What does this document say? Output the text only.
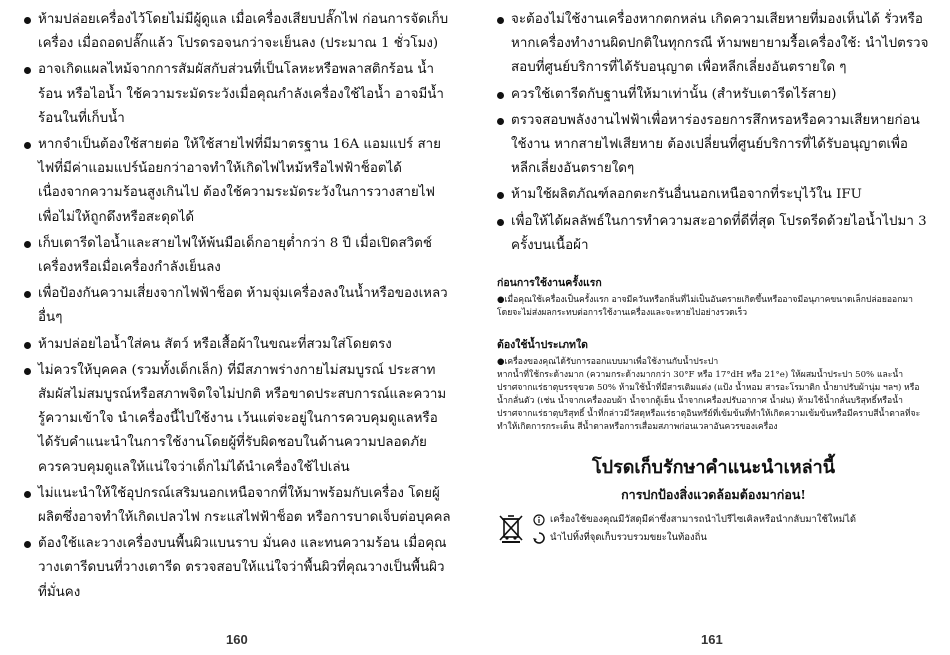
ห้ามปล่อยเครื่องไว้โดยไม่มีผู้ดูแล เมื่อเครื่องเสียบปลั๊กไฟ ก่อนการจัดเก็บเครื่อง เมื่อถอดปลั๊กแล้ว โปรดรอจนกว่าจะเย็นลง (ประมาณ 1 ชั่วโมง)
อาจเกิดแผลไหม้จากการสัมผัสกับส่วนที่เป็นโลหะหรือพลาสติกร้อน น้ำร้อน หรือไอน้ำ ใช้ความระมัดระวังเมื่อคุณกำลังเครื่องใช้ไอน้ำ อาจมีน้ำร้อนในที่เก็บน้ำ
หากจำเป็นต้องใช้สายต่อ ให้ใช้สายไฟที่มีมาตรฐาน 16A แอมแปร์ สายไฟที่มีค่าแอมแปร์น้อยกว่าอาจทำให้เกิดไฟไหม้หรือไฟฟ้าช็อตได้ เนื่องจากความร้อนสูงเกินไป ต้องใช้ความระมัดระวังในการวางสายไฟเพื่อไม่ให้ถูกดึงหรือสะดุดได้
เก็บเตารีดไอน้ำและสายไฟให้พ้นมือเด็กอายุต่ำกว่า 8 ปี เมื่อเปิดสวิตช์เครื่องหรือเมื่อเครื่องกำลังเย็นลง
เพื่อป้องกันความเสี่ยงจากไฟฟ้าช็อต ห้ามจุ่มเครื่องลงในน้ำหรือของเหลวอื่นๆ
ห้ามปล่อยไอน้ำใส่คน สัตว์ หรือเสื้อผ้าในขณะที่สวมใส่โดยตรง
ไม่ควรให้บุคคล (รวมทั้งเด็กเล็ก) ที่มีสภาพร่างกายไม่สมบูรณ์ ประสาทสัมผัสไม่สมบูรณ์หรือสภาพจิตใจไม่ปกติ หรือขาดประสบการณ์และความรู้ความเข้าใจ นำเครื่องนี้ไปใช้งาน เว้นแต่จะอยู่ในการควบคุมดูแลหรือได้รับคำแนะนำในการใช้งานโดยผู้ที่รับผิดชอบในด้านความปลอดภัย ควรควบคุมดูแลให้แน่ใจว่าเด็กไม่ได้นำเครื่องใช้ไปเล่น
ไม่แนะนำให้ใช้อุปกรณ์เสริมนอกเหนือจากที่ให้มาพร้อมกับเครื่อง โดยผู้ผลิตซึ่งอาจทำให้เกิดเปลวไฟ กระแสไฟฟ้าช็อต หรือการบาดเจ็บต่อบุคคล
ต้องใช้และวางเครื่องบนพื้นผิวแบนราบ มั่นคง และทนความร้อน เมื่อคุณวางเตารีดบนที่วางเตารีด ตรวจสอบให้แน่ใจว่าพื้นผิวที่คุณวางเป็นพื้นผิวที่มั่นคง
160
จะต้องไม่ใช้งานเครื่องหากตกหล่น เกิดความเสียหายที่มองเห็นได้ รั่วหรือหากเครื่องทำงานผิดปกติในทุกกรณี ห้ามพยายามรื้อเครื่องใช้: นำไปตรวจสอบที่ศูนย์บริการที่ได้รับอนุญาต เพื่อหลีกเลี่ยงอันตรายใด ๆ
ควรใช้เตารีดกับฐานที่ให้มาเท่านั้น (สำหรับเตารีดไร้สาย)
ตรวจสอบพลังงานไฟฟ้าเพื่อหาร่องรอยการสึกหรอหรือความเสียหายก่อนใช้งาน หากสายไฟเสียหาย ต้องเปลี่ยนที่ศูนย์บริการที่ได้รับอนุญาตเพื่อหลีกเลี่ยงอันตรายใดๆ
ห้ามใช้ผลิตภัณฑ์ลอกตะกรันอื่นนอกเหนือจากที่ระบุไว้ใน IFU
เพื่อให้ได้ผลลัพธ์ในการทำความสะอาดที่ดีที่สุด โปรดรีดด้วยไอน้ำไปมา 3 ครั้งบนเนื้อผ้า
ก่อนการใช้งานครั้งแรก

●เมื่อคุณใช้เครื่องเป็นครั้งแรก อาจมีควันหรือกลิ่นที่ไม่เป็นอันตรายเกิดขึ้นหรืออาจมีอนุภาคขนาดเล็กปล่อยออกมา โดยจะไม่ส่งผลกระทบต่อการใช้งานเครื่องและจะหายไปอย่างรวดเร็ว

ต้องใช้น้ำประเภทใด

●เครื่องของคุณได้รับการออกแบบมาเพื่อใช้งานกับน้ำประปา

หากน้ำที่ใช้กระด้างมาก (ความกระด้างมากกว่า 30°F หรือ 17°dH หรือ 21°e) ให้ผสมน้ำประปา 50% และน้ำปราศจากแร่ธาตุบรรจุขวด 50% ห้ามใช้น้ำที่มีสารเติมแต่ง (แป้ง น้ำหอม สารอะโรมาติก น้ำยาปรับผ้านุ่ม ฯลฯ) หรือน้ำกลั่นตัว (เช่น น้ำจากเครื่องอบผ้า น้ำจากตู้เย็น น้ำจากเครื่องปรับอากาศ น้ำฝน) ห้ามใช้น้ำกลั่นบริสุทธิ์หรือน้ำปราศจากแร่ธาตุบริสุทธิ์ น้ำที่กล่าวมีวัสดุหรือแร่ธาตุอินทรีย์ที่เข้มข้นที่ทำให้เกิดความเข้มข้นหรือมีคราบสีน้ำตาลที่จะทำให้เกิดการกระเด็น สีน้ำตาลหรือการเสื่อมสภาพก่อนเวลาอันควรของเครื่อง

โปรดเก็บรักษาคำแนะนำเหล่านี้
การปกป้องสิ่งแวดล้อมต้องมาก่อน!
เครื่องใช้ของคุณมีวัสดุมีค่าซึ่งสามารถนำไปรีไซเคิลหรือนำกลับมาใช้ใหม่ได้
นำไปทิ้งที่จุดเก็บรวบรวมขยะในท้องถิ่น
161
